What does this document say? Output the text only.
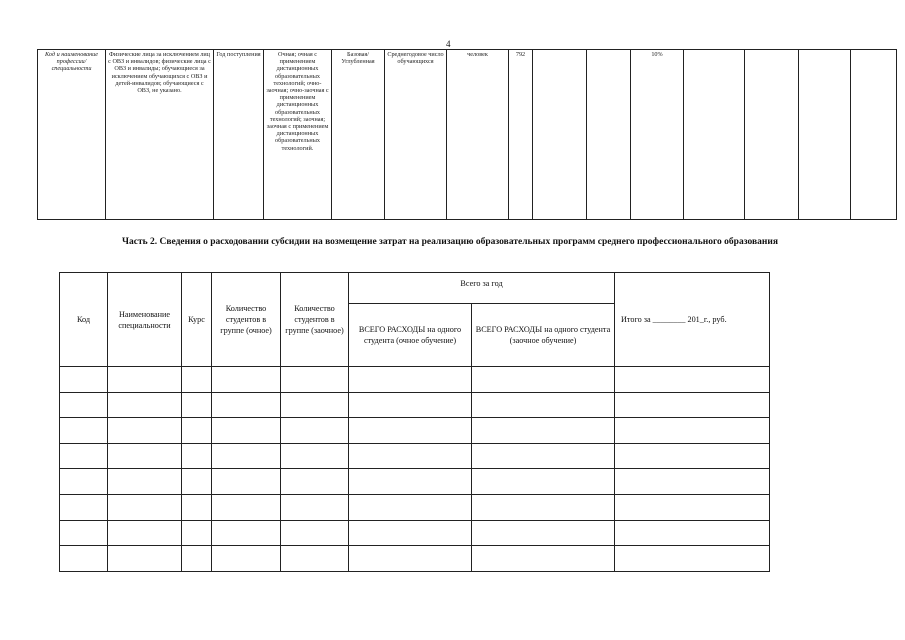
4
Код и наименование профессии/специальности	Физические лица за исключением лиц с ОВЗ и инвалидов; физические лица с ОВЗ и инвалиды; обучающиеся за исключением обучающихся с ОВЗ и детей-инвалидов; обучающиеся с ОВЗ, не указано.	Год поступления	Очная; очная с применением дистанционных образовательных технологий; очно-заочная; очно-заочная с применением дистанционных образовательных технологий; заочная; заочная с применением дистанционных образовательных технологий.	Базовая/ Углубленная	Среднегодовое число обучающихся	человек	792			10%				
Часть 2. Сведения о расходовании субсидии на возмещение затрат на реализацию образовательных программ среднего профессионального образования
Код	Наименование специальности	Курс	Количество студентов в группе (очное)	Количество студентов в группе (заочное)	Всего за год		Итого за ________ 201_г., руб.
					ВСЕГО РАСХОДЫ на одного студента (очное обучение)	ВСЕГО РАСХОДЫ на одного студента (заочное обучение)	
